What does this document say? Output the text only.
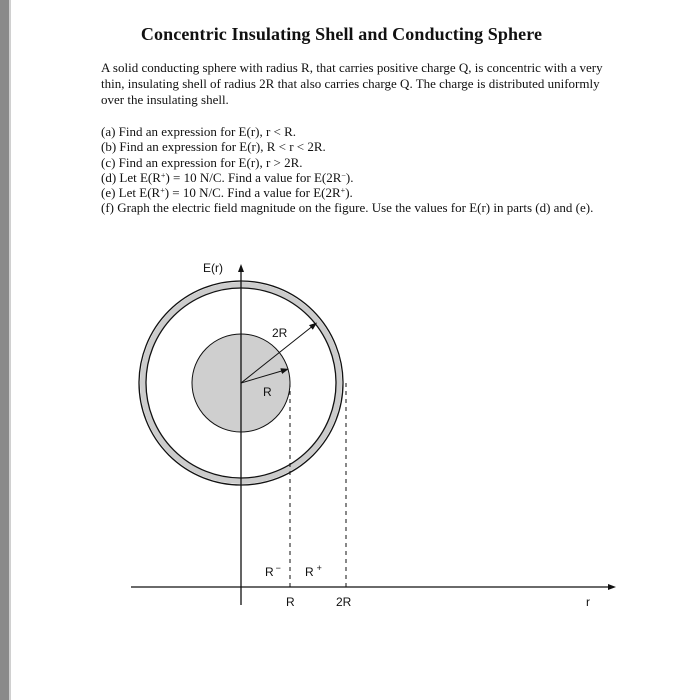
Concentric Insulating Shell and Conducting Sphere

A solid conducting sphere with radius R, that carries positive charge Q, is concentric with a very thin, insulating shell of radius 2R that also carries charge Q. The charge is distributed uniformly over the insulating shell.

(a) Find an expression for E(r), r < R.
(b) Find an expression for E(r), R < r < 2R.
(c) Find an expression for E(r), r > 2R.
(d) Let E(R+) = 10 N/C. Find a value for E(2R−).
(e) Let E(R+) = 10 N/C. Find a value for E(2R+).
(f) Graph the electric field magnitude on the figure. Use the values for E(r) in parts (d) and (e).
E(r)
2R
R
R − R +
R	2R	r
